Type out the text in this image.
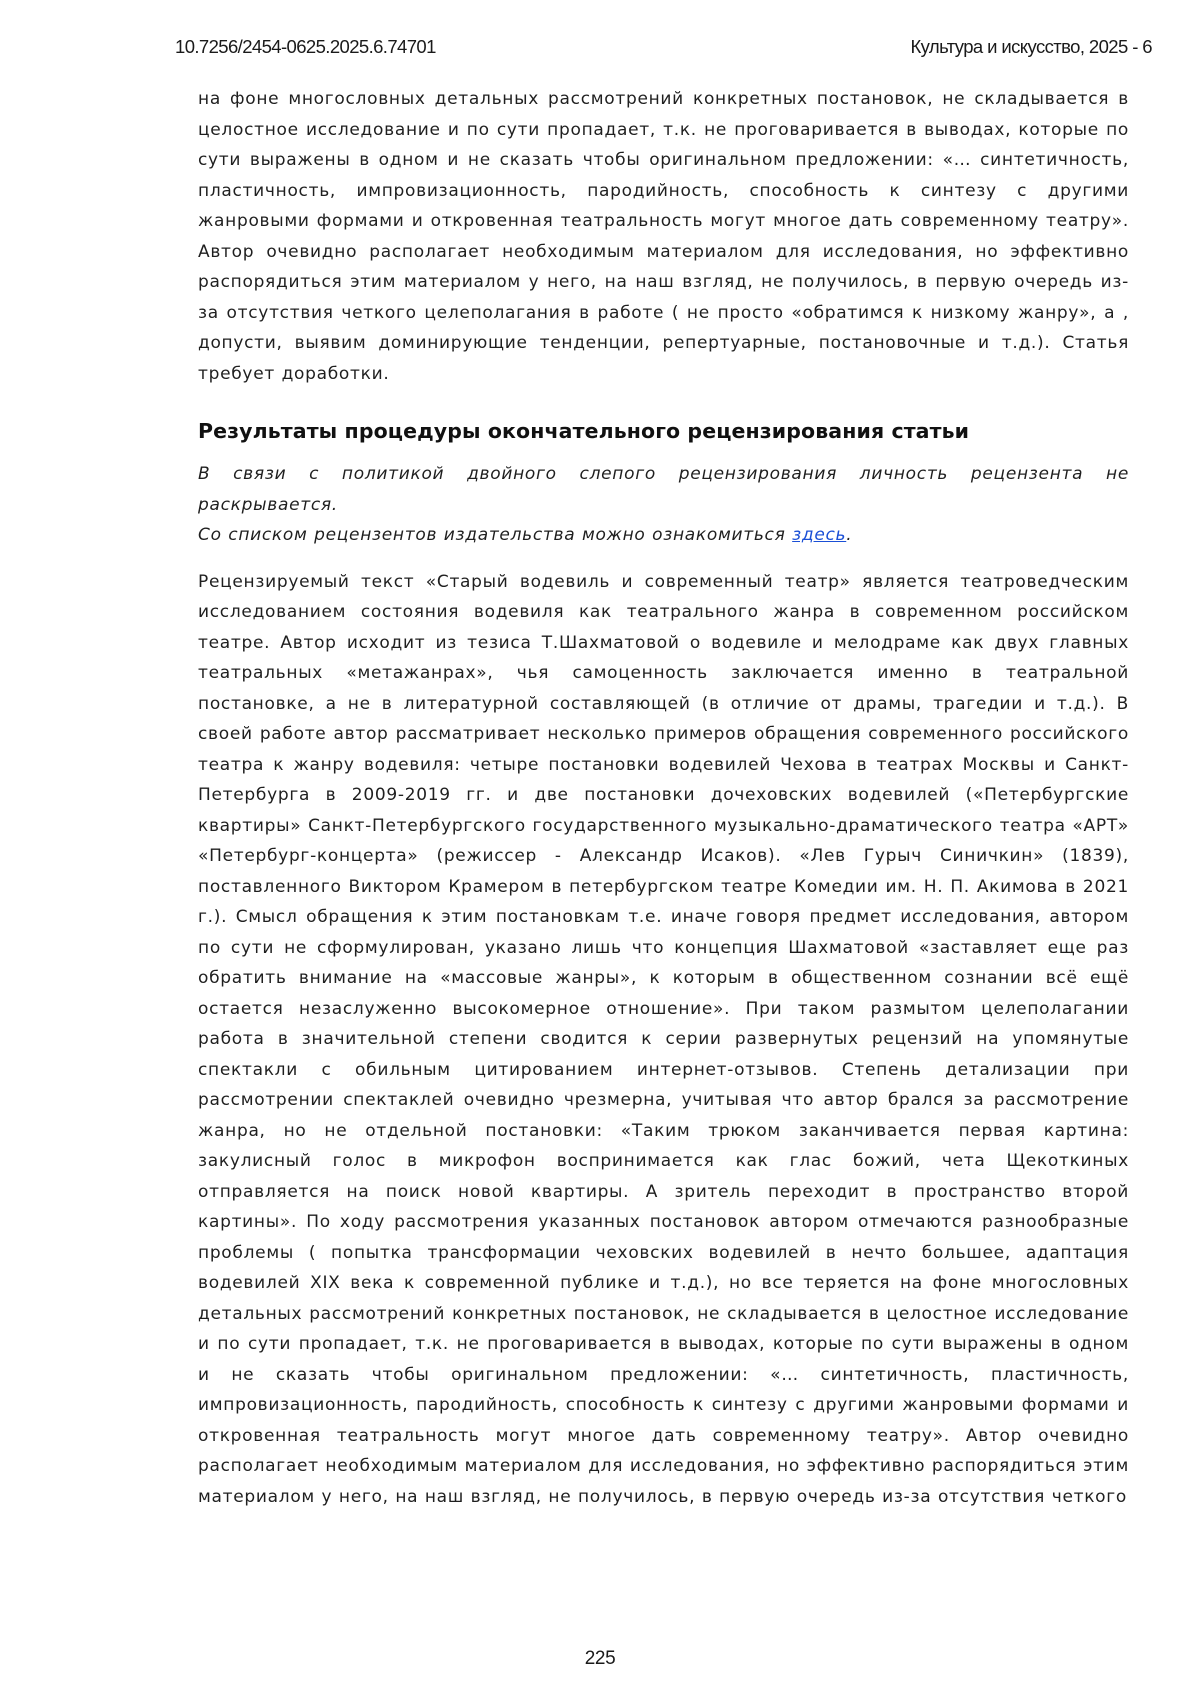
10.7256/2454-0625.2025.6.74701	Культура и искусство, 2025 - 6

на фоне многословных детальных рассмотрений конкретных постановок, не складывается в целостное исследование и по сути пропадает, т.к. не проговаривается в выводах, которые по сути выражены в одном и не сказать чтобы оригинальном предложении: «… синтетичность, пластичность, импровизационность, пародийность, способность к синтезу с другими жанровыми формами и откровенная театральность могут многое дать современному театру». Автор очевидно располагает необходимым материалом для исследования, но эффективно распорядиться этим материалом у него, на наш взгляд, не получилось, в первую очередь из-за отсутствия четкого целеполагания в работе ( не просто «обратимся к низкому жанру», а , допусти, выявим доминирующие тенденции, репертуарные, постановочные и т.д.). Статья требует доработки.

Результаты процедуры окончательного рецензирования статьи
В связи с политикой двойного слепого рецензирования личность рецензента не раскрывается.
Со списком рецензентов издательства можно ознакомиться здесь.

Рецензируемый текст «Старый водевиль и современный театр» является театроведческим исследованием состояния водевиля как театрального жанра в современном российском театре. Автор исходит из тезиса Т.Шахматовой о водевиле и мелодраме как двух главных театральных «метажанрах», чья самоценность заключается именно в театральной постановке, а не в литературной составляющей (в отличие от драмы, трагедии и т.д.). В своей работе автор рассматривает несколько примеров обращения современного российского театра к жанру водевиля: четыре постановки водевилей Чехова в театрах Москвы и Санкт-Петербурга в 2009-2019 гг. и две постановки дочеховских водевилей («Петербургские квартиры» Санкт-Петербургского государственного музыкально-драматического театра «АРТ» «Петербург-концерта» (режиссер - Александр Исаков). «Лев Гурыч Синичкин» (1839), поставленного Виктором Крамером в петербургском театре Комедии им. Н. П. Акимова в 2021 г.). Смысл обращения к этим постановкам т.е. иначе говоря предмет исследования, автором по сути не сформулирован, указано лишь что концепция Шахматовой «заставляет еще раз обратить внимание на «массовые жанры», к которым в общественном сознании всё ещё остается незаслуженно высокомерное отношение». При таком размытом целеполагании работа в значительной степени сводится к серии развернутых рецензий на упомянутые спектакли с обильным цитированием интернет-отзывов. Степень детализации при рассмотрении спектаклей очевидно чрезмерна, учитывая что автор брался за рассмотрение жанра, но не отдельной постановки: «Таким трюком заканчивается первая картина: закулисный голос в микрофон воспринимается как глас божий, чета Щекоткиных отправляется на поиск новой квартиры. А зритель переходит в пространство второй картины». По ходу рассмотрения указанных постановок автором отмечаются разнообразные проблемы ( попытка трансформации чеховских водевилей в нечто большее, адаптация водевилей XIX века к современной публике и т.д.), но все теряется на фоне многословных детальных рассмотрений конкретных постановок, не складывается в целостное исследование и по сути пропадает, т.к. не проговаривается в выводах, которые по сути выражены в одном и не сказать чтобы оригинальном предложении: «… синтетичность, пластичность, импровизационность, пародийность, способность к синтезу с другими жанровыми формами и откровенная театральность могут многое дать современному театру». Автор очевидно располагает необходимым материалом для исследования, но эффективно распорядиться этим материалом у него, на наш взгляд, не получилось, в первую очередь из-за отсутствия четкого

225
